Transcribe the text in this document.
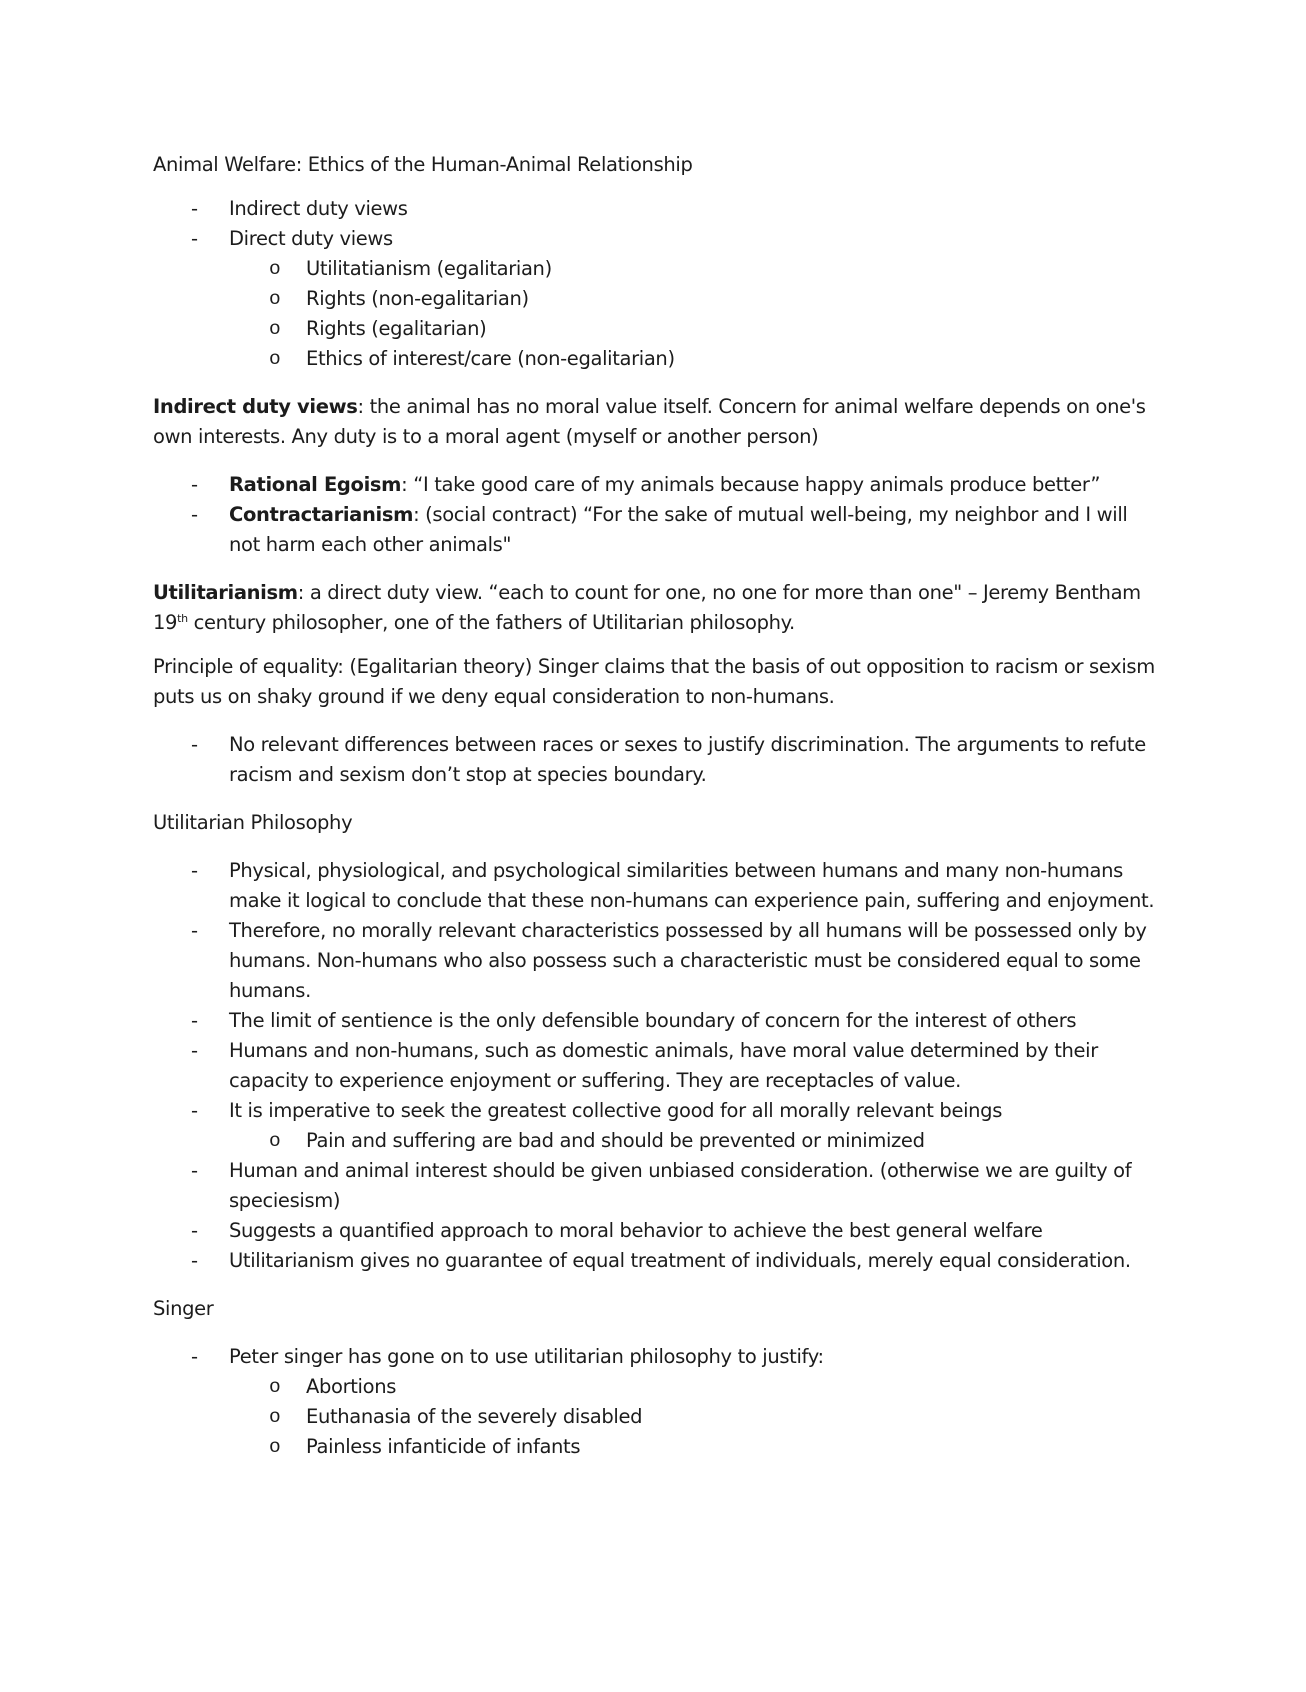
Animal Welfare: Ethics of the Human-Animal Relationship

- Indirect duty views
- Direct duty views
o Utilitatianism (egalitarian)
o Rights (non-egalitarian)
o Rights (egalitarian)
o Ethics of interest/care (non-egalitarian)

Indirect duty views: the animal has no moral value itself. Concern for animal welfare depends on one's own interests. Any duty is to a moral agent (myself or another person)

- Rational Egoism: “I take good care of my animals because happy animals produce better”
- Contractarianism: (social contract) “For the sake of mutual well-being, my neighbor and I will not harm each other animals"

Utilitarianism: a direct duty view. “each to count for one, no one for more than one" – Jeremy Bentham 19th century philosopher, one of the fathers of Utilitarian philosophy.

Principle of equality: (Egalitarian theory) Singer claims that the basis of out opposition to racism or sexism puts us on shaky ground if we deny equal consideration to non-humans.

- No relevant differences between races or sexes to justify discrimination. The arguments to refute racism and sexism don’t stop at species boundary.

Utilitarian Philosophy

- Physical, physiological, and psychological similarities between humans and many non-humans make it logical to conclude that these non-humans can experience pain, suffering and enjoyment.
- Therefore, no morally relevant characteristics possessed by all humans will be possessed only by humans. Non-humans who also possess such a characteristic must be considered equal to some humans.
- The limit of sentience is the only defensible boundary of concern for the interest of others
- Humans and non-humans, such as domestic animals, have moral value determined by their capacity to experience enjoyment or suffering. They are receptacles of value.
- It is imperative to seek the greatest collective good for all morally relevant beings
o Pain and suffering are bad and should be prevented or minimized
- Human and animal interest should be given unbiased consideration. (otherwise we are guilty of speciesism)
- Suggests a quantified approach to moral behavior to achieve the best general welfare
- Utilitarianism gives no guarantee of equal treatment of individuals, merely equal consideration.

Singer

- Peter singer has gone on to use utilitarian philosophy to justify:
o Abortions
o Euthanasia of the severely disabled
o Painless infanticide of infants
